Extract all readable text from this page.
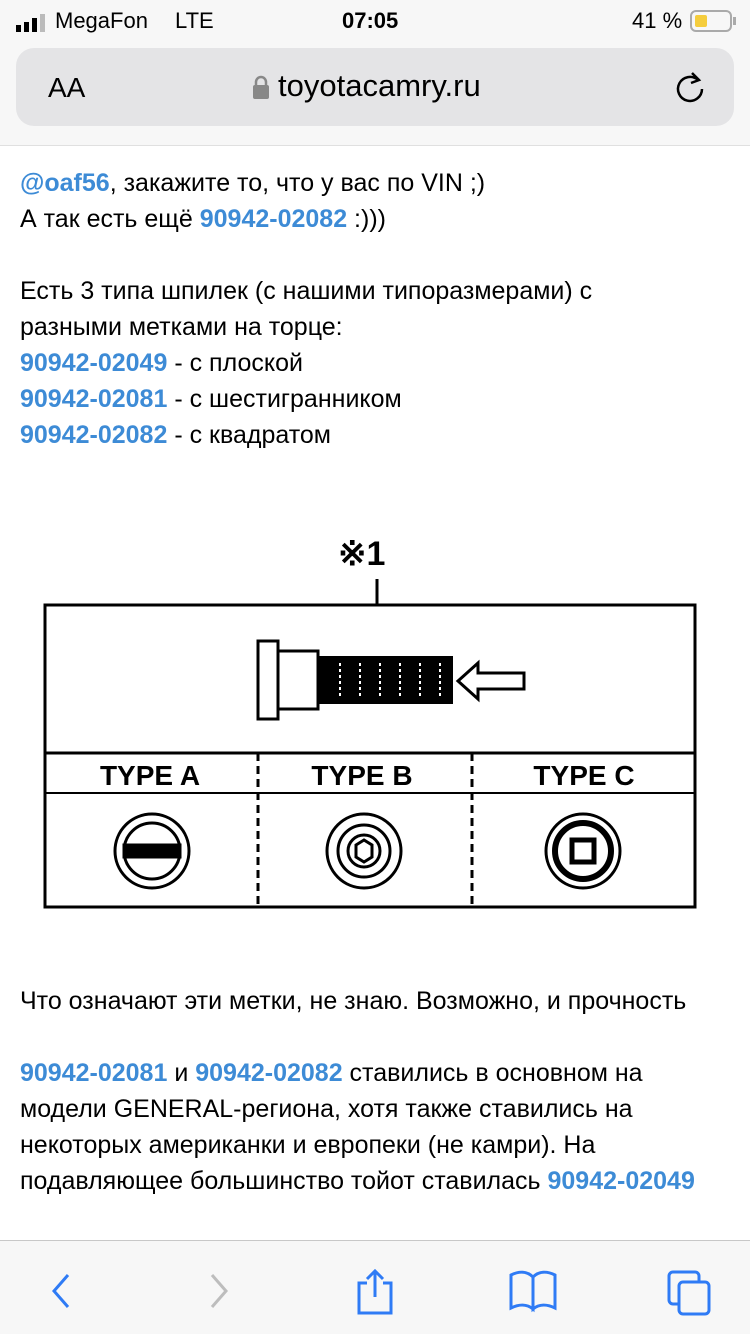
MegaFon LTE	07:05	41 %
AA	toyotacamry.ru

@oaf56, закажите то, что у вас по VIN ;)

А так есть ещё 90942-02082 :)))

Есть 3 типа шпилек (с нашими типоразмерами) с разными метками на торце:

90942-02049 - с плоской

90942-02081 - с шестигранником

90942-02082 - с квадратом

※1
TYPE A	TYPE B	TYPE C

Что означают эти метки, не знаю. Возможно, и прочность

90942-02081 и 90942-02082 ставились в основном на модели GENERAL-региона, хотя также ставились на некоторых американки и европеки (не камри). На подавляющее большинство тойот ставилась 90942-02049
